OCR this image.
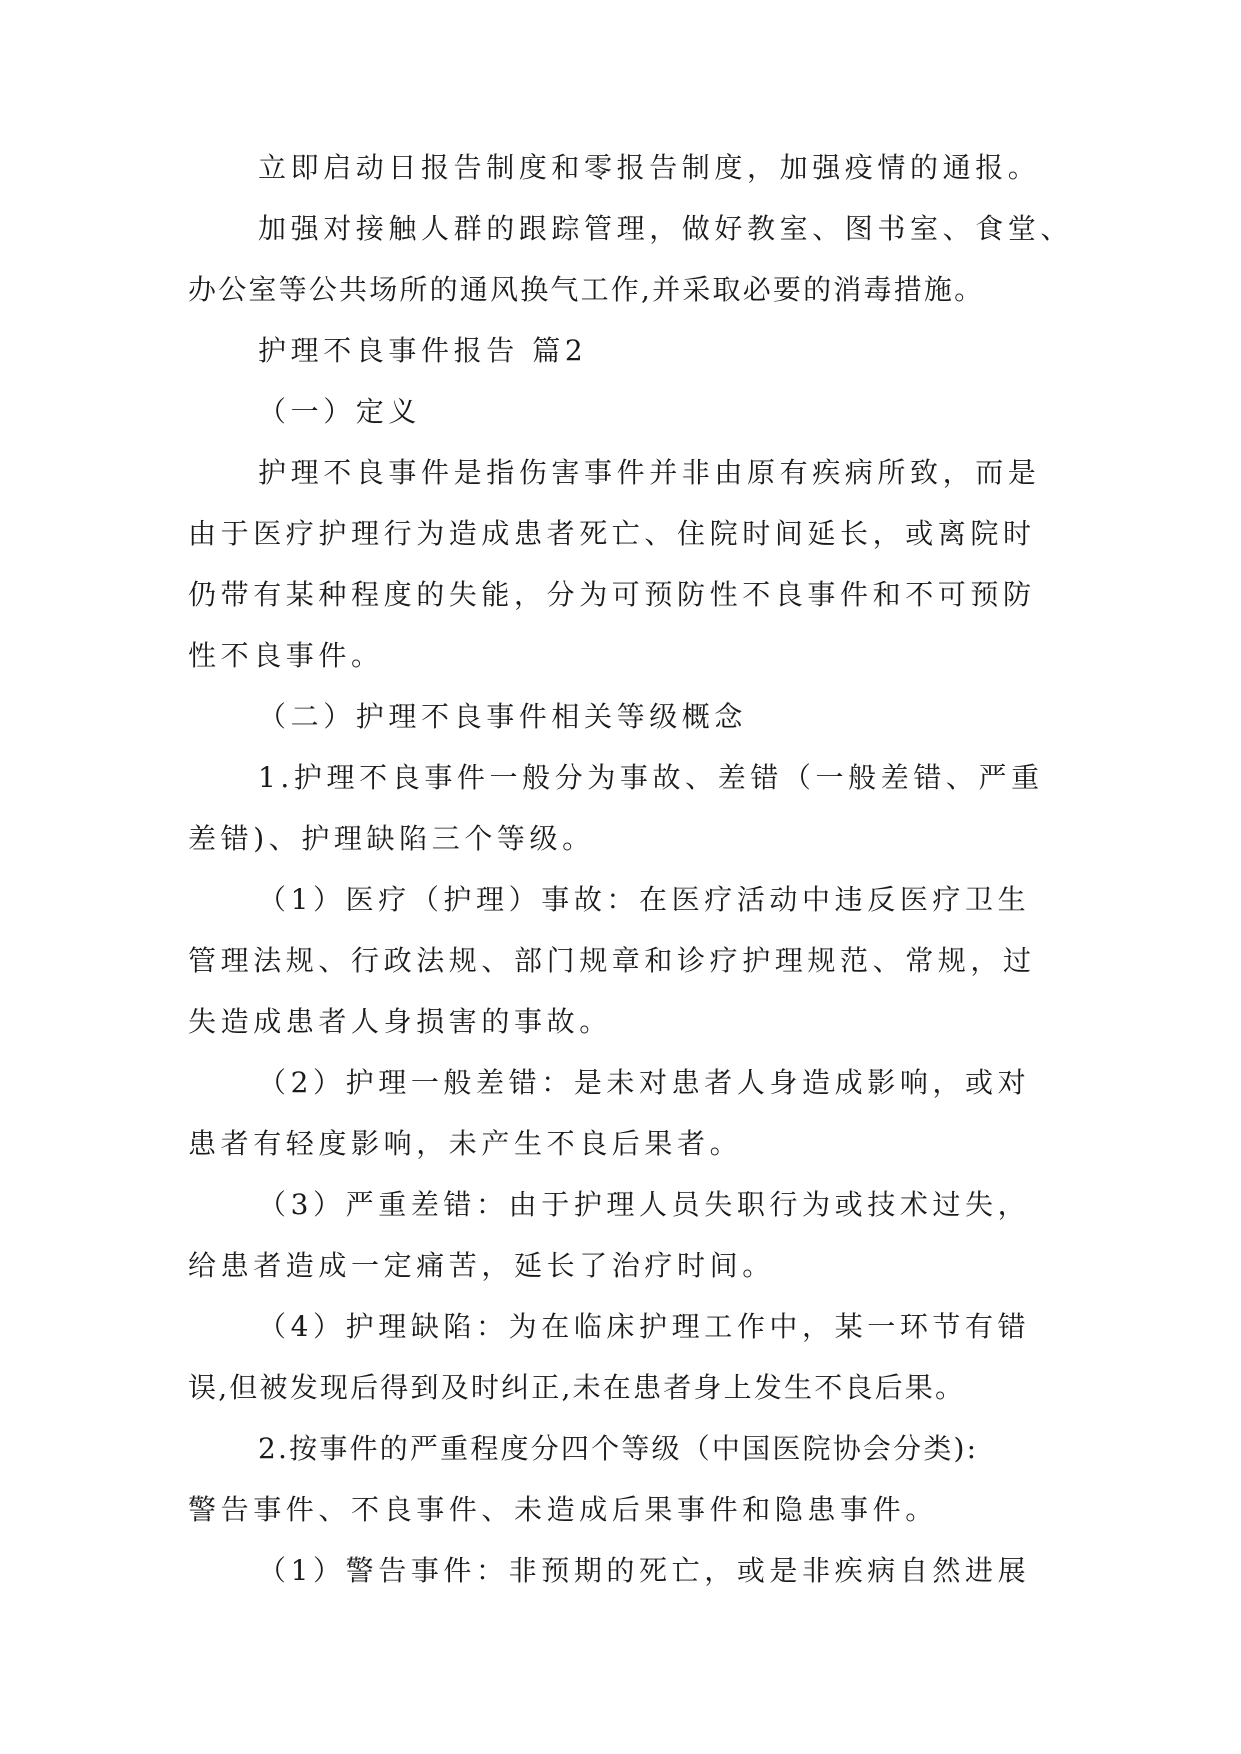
立即启动日报告制度和零报告制度，加强疫情的通报。
加强对接触人群的跟踪管理，做好教室、图书室、食堂、
办公室等公共场所的通风换气工作,并采取必要的消毒措施。
护理不良事件报告 篇2
（一）定义
护理不良事件是指伤害事件并非由原有疾病所致，而是
由于医疗护理行为造成患者死亡、住院时间延长，或离院时
仍带有某种程度的失能，分为可预防性不良事件和不可预防
性不良事件。
（二）护理不良事件相关等级概念
1.护理不良事件一般分为事故、差错（一般差错、严重
差错)、护理缺陷三个等级。
（1）医疗（护理）事故：在医疗活动中违反医疗卫生
管理法规、行政法规、部门规章和诊疗护理规范、常规，过
失造成患者人身损害的事故。
（2）护理一般差错：是未对患者人身造成影响，或对
患者有轻度影响，未产生不良后果者。
（3）严重差错：由于护理人员失职行为或技术过失，
给患者造成一定痛苦，延长了治疗时间。
（4）护理缺陷：为在临床护理工作中，某一环节有错
误,但被发现后得到及时纠正,未在患者身上发生不良后果。
2.按事件的严重程度分四个等级（中国医院协会分类):
警告事件、不良事件、未造成后果事件和隐患事件。
（1）警告事件：非预期的死亡，或是非疾病自然进展
